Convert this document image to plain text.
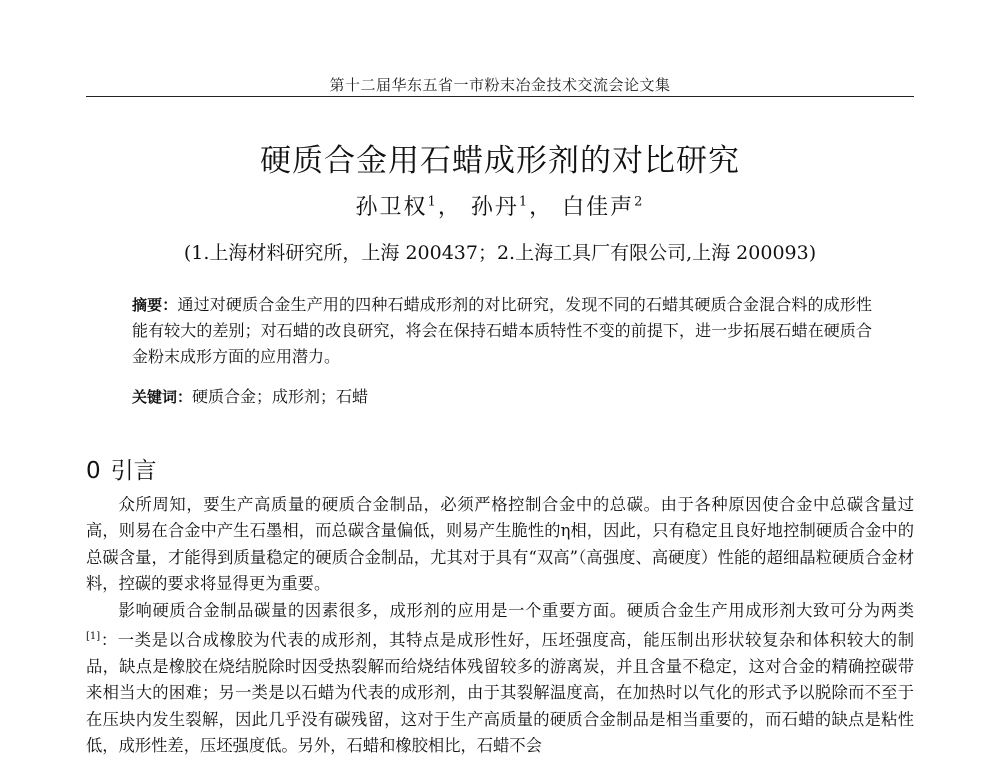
第十二届华东五省一市粉末冶金技术交流会论文集
硬质合金用石蜡成形剂的对比研究
孙卫权$^1$， 孙丹$^1$， 白佳声$^2$
(1.上海材料研究所，上海 200437；2.上海工具厂有限公司,上海 200093)
摘要：通过对硬质合金生产用的四种石蜡成形剂的对比研究，发现不同的石蜡其硬质合金混合料的成形性能有较大的差别；对石蜡的改良研究，将会在保持石蜡本质特性不变的前提下，进一步拓展石蜡在硬质合金粉末成形方面的应用潜力。
关键词：硬质合金；成形剂；石蜡
0 引言

众所周知，要生产高质量的硬质合金制品，必须严格控制合金中的总碳。由于各种原因使合金中总碳含量过高，则易在合金中产生石墨相，而总碳含量偏低，则易产生脆性的η相，因此，只有稳定且良好地控制硬质合金中的总碳含量，才能得到质量稳定的硬质合金制品，尤其对于具有“双高”（高强度、高硬度）性能的超细晶粒硬质合金材料，控碳的要求将显得更为重要。

影响硬质合金制品碳量的因素很多，成形剂的应用是一个重要方面。硬质合金生产用成形剂大致可分为两类[1]：一类是以合成橡胶为代表的成形剂，其特点是成形性好，压坯强度高，能压制出形状较复杂和体积较大的制品，缺点是橡胶在烧结脱除时因受热裂解而给烧结体残留较多的游离炭，并且含量不稳定，这对合金的精确控碳带来相当大的困难；另一类是以石蜡为代表的成形剂，由于其裂解温度高，在加热时以气化的形式予以脱除而不至于在压块内发生裂解，因此几乎没有碳残留，这对于生产高质量的硬质合金制品是相当重要的，而石蜡的缺点是粘性低，成形性差，压坯强度低。另外，石蜡和橡胶相比，石蜡不会
